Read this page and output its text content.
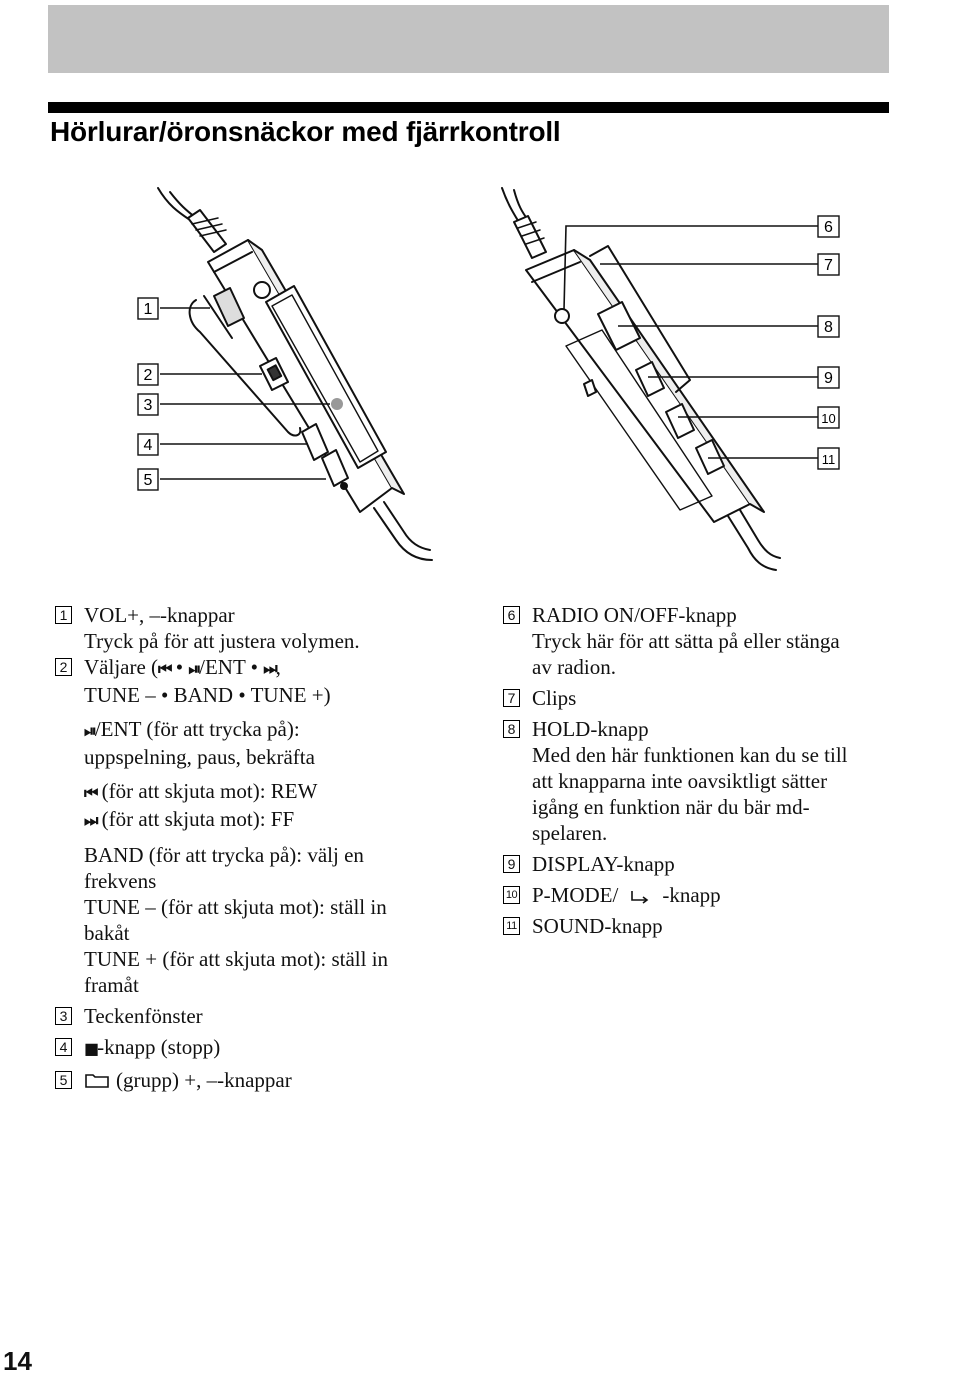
Hörlurar/öronsnäckor med fjärrkontroll
1
2
3
4
5
6
7
8
9
10
11
1 VOL+, –-knappar
Tryck på för att justera volymen.
2 Väljare (⏮ • ⏯/ENT • ⏭,
TUNE – • BAND • TUNE +)
⏯/ENT (för att trycka på):
uppspelning, paus, bekräfta
⏮ (för att skjuta mot): REW
⏭ (för att skjuta mot): FF
BAND (för att trycka på): välj en
frekvens
TUNE – (för att skjuta mot): ställ in
bakåt
TUNE + (för att skjuta mot): ställ in
framåt
3 Teckenfönster
4 ■-knapp (stopp)
5	(grupp) +, –-knappar
6 RADIO ON/OFF-knapp
Tryck här för att sätta på eller stänga
av radion.
7 Clips
8 HOLD-knapp
Med den här funktionen kan du se till
att knapparna inte oavsiktligt sätter
igång en funktion när du bär md-
spelaren.
9 DISPLAY-knapp
10 P-MODE/ -knapp
11 SOUND-knapp

14
